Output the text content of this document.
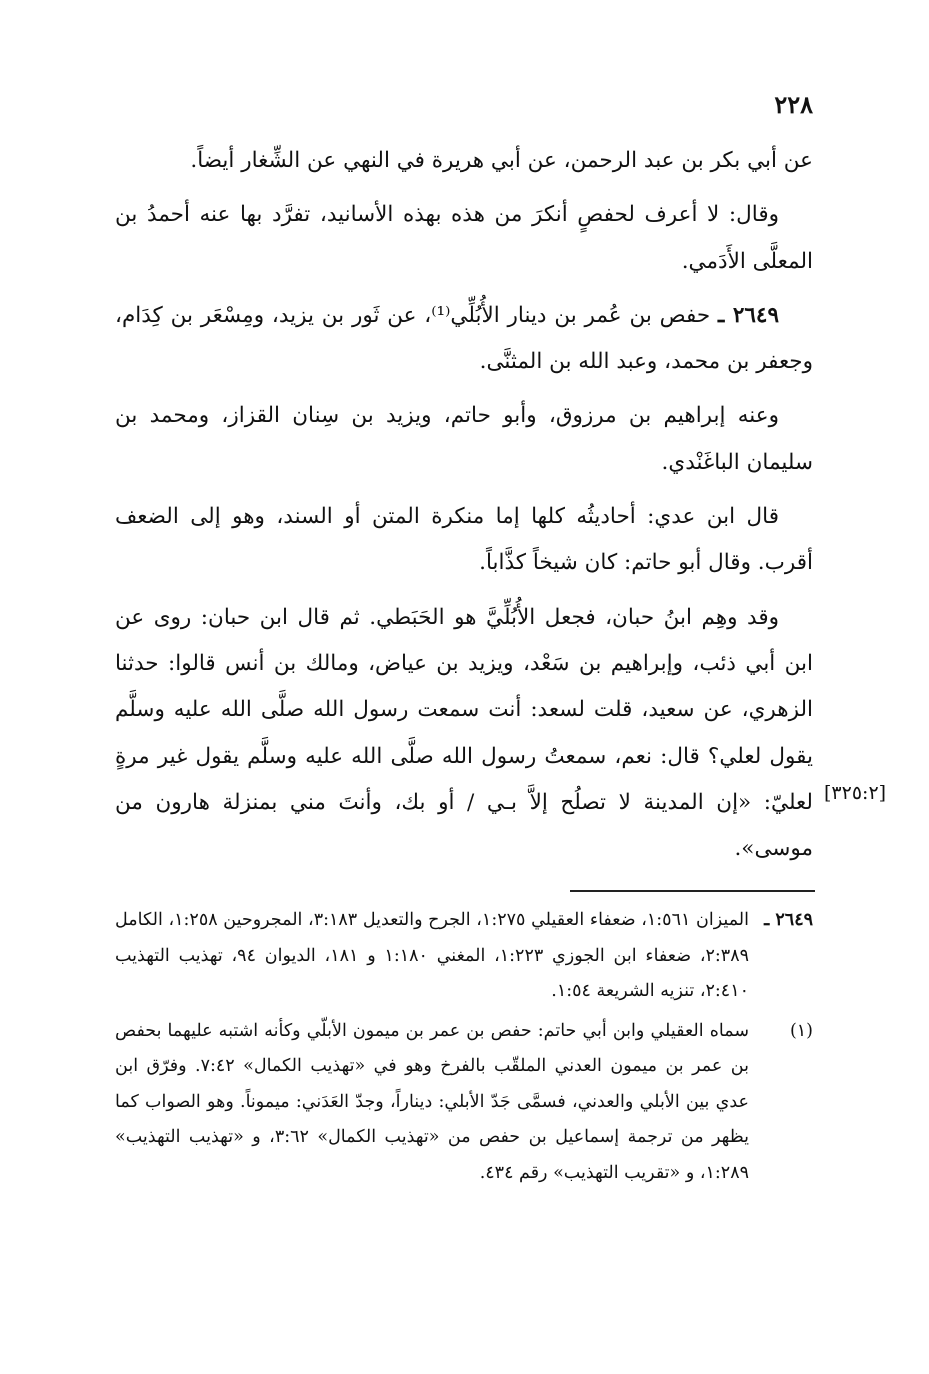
٢٢٨

عن أبي بكر بن عبد الرحمن، عن أبي هريرة في النهي عن الشِّغار أيضاً.

وقال: لا أعرف لحفصٍ أنكرَ من هذه بهذه الأسانيد، تفرَّد بها عنه أحمدُ بن المعلَّى الأَدَمي.

٢٦٤٩ ـ حفص بن عُمر بن دينار الأُبُلِّي⁽¹⁾، عن ثَور بن يزيد، ومِسْعَر بن كِدَام، وجعفر بن محمد، وعبد الله بن المثنَّى.

وعنه إبراهيم بن مرزوق، وأبو حاتم، ويزيد بن سِنان القزاز، ومحمد بن سليمان الباغَنْدي.

قال ابن عدي: أحاديثُه كلها إما منكرة المتن أو السند، وهو إلى الضعف أقرب. وقال أبو حاتم: كان شيخاً كذَّاباً.

وقد وهِم ابنُ حبان، فجعل الأُبُلِّيَّ هو الحَبَطي. ثم قال ابن حبان: روى عن ابن أبي ذئب، وإبراهيم بن سَعْد، ويزيد بن عياض، ومالك بن أنس قالوا: حدثنا الزهري، عن سعيد، قلت لسعد: أنت سمعت رسول الله صلَّى الله عليه وسلَّم يقول لعلي؟ قال: نعم، سمعتُ رسول الله صلَّى الله عليه وسلَّم يقول غير مرةٍ لعليّ: «إن المدينة لا تصلُح إلاَّ بـي / أو بك، وأنتَ مني بمنزلة هارون من موسى».

[٣٢٥:٢]
٢٦٤٩ ـ
الميزان ١:٥٦١، ضعفاء العقيلي ١:٢٧٥، الجرح والتعديل ٣:١٨٣، المجروحين ١:٢٥٨، الكامل ٢:٣٨٩، ضعفاء ابن الجوزي ١:٢٢٣، المغني ١:١٨٠ و ١٨١، الديوان ٩٤، تهذيب التهذيب ٢:٤١٠، تنزيه الشريعة ١:٥٤.
(١)
سماه العقيلي وابن أبي حاتم: حفص بن عمر بن ميمون الأبلّي وكأنه اشتبه عليهما بحفص بن عمر بن ميمون العدني الملقّب بالفرخ وهو في «تهذيب الكمال» ٧:٤٢. وفرّق ابن عدي بين الأبلي والعدني، فسمَّى جَدّ الأبلي: ديناراً، وجدّ العَدَني: ميموناً. وهو الصواب كما يظهر من ترجمة إسماعيل بن حفص من «تهذيب الكمال» ٣:٦٢، و «تهذيب التهذيب» ١:٢٨٩، و «تقريب التهذيب» رقم ٤٣٤.
